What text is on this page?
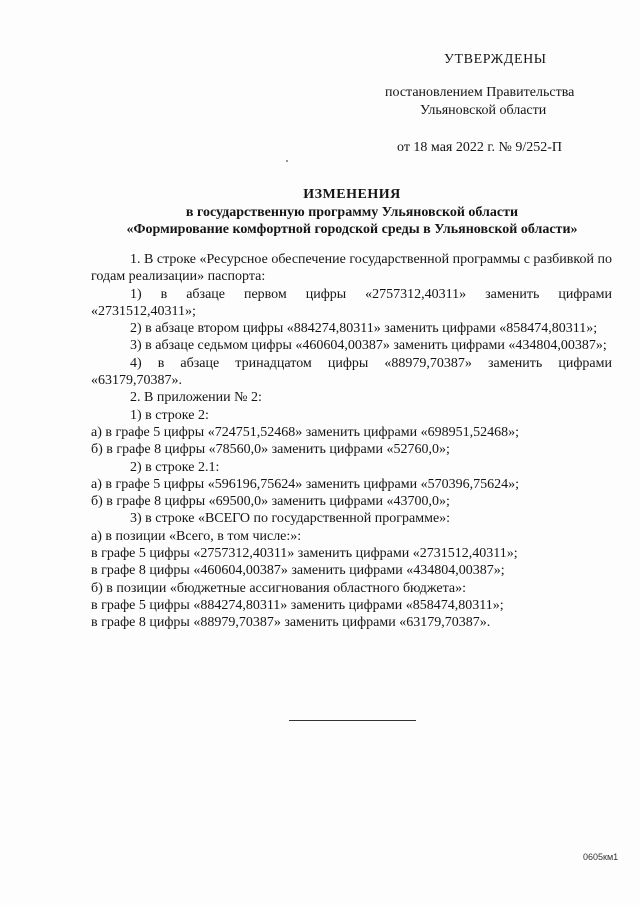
УТВЕРЖДЕНЫ
постановлением Правительства
Ульяновской области
от 18 мая 2022 г. № 9/252-П
ИЗМЕНЕНИЯ
в государственную программу Ульяновской области
«Формирование комфортной городской среды в Ульяновской области»

1. В строке «Ресурсное обеспечение государственной программы с разбивкой по годам реализации» паспорта:

1) в абзаце первом цифры «2757312,40311» заменить цифрами «2731512,40311»;

2) в абзаце втором цифры «884274,80311» заменить цифрами «858474,80311»;

3) в абзаце седьмом цифры «460604,00387» заменить цифрами «434804,00387»;

4) в абзаце тринадцатом цифры «88979,70387» заменить цифрами «63179,70387».

2. В приложении № 2:

1) в строке 2:

а) в графе 5 цифры «724751,52468» заменить цифрами «698951,52468»;

б) в графе 8 цифры «78560,0» заменить цифрами «52760,0»;

2) в строке 2.1:

а) в графе 5 цифры «596196,75624» заменить цифрами «570396,75624»;

б) в графе 8 цифры «69500,0» заменить цифрами «43700,0»;

3) в строке «ВСЕГО по государственной программе»:

а) в позиции «Всего, в том числе:»:

в графе 5 цифры «2757312,40311» заменить цифрами «2731512,40311»;

в графе 8 цифры «460604,00387» заменить цифрами «434804,00387»;

б) в позиции «бюджетные ассигнования областного бюджета»:

в графе 5 цифры «884274,80311» заменить цифрами «858474,80311»;

в графе 8 цифры «88979,70387» заменить цифрами «63179,70387».

0605км1
